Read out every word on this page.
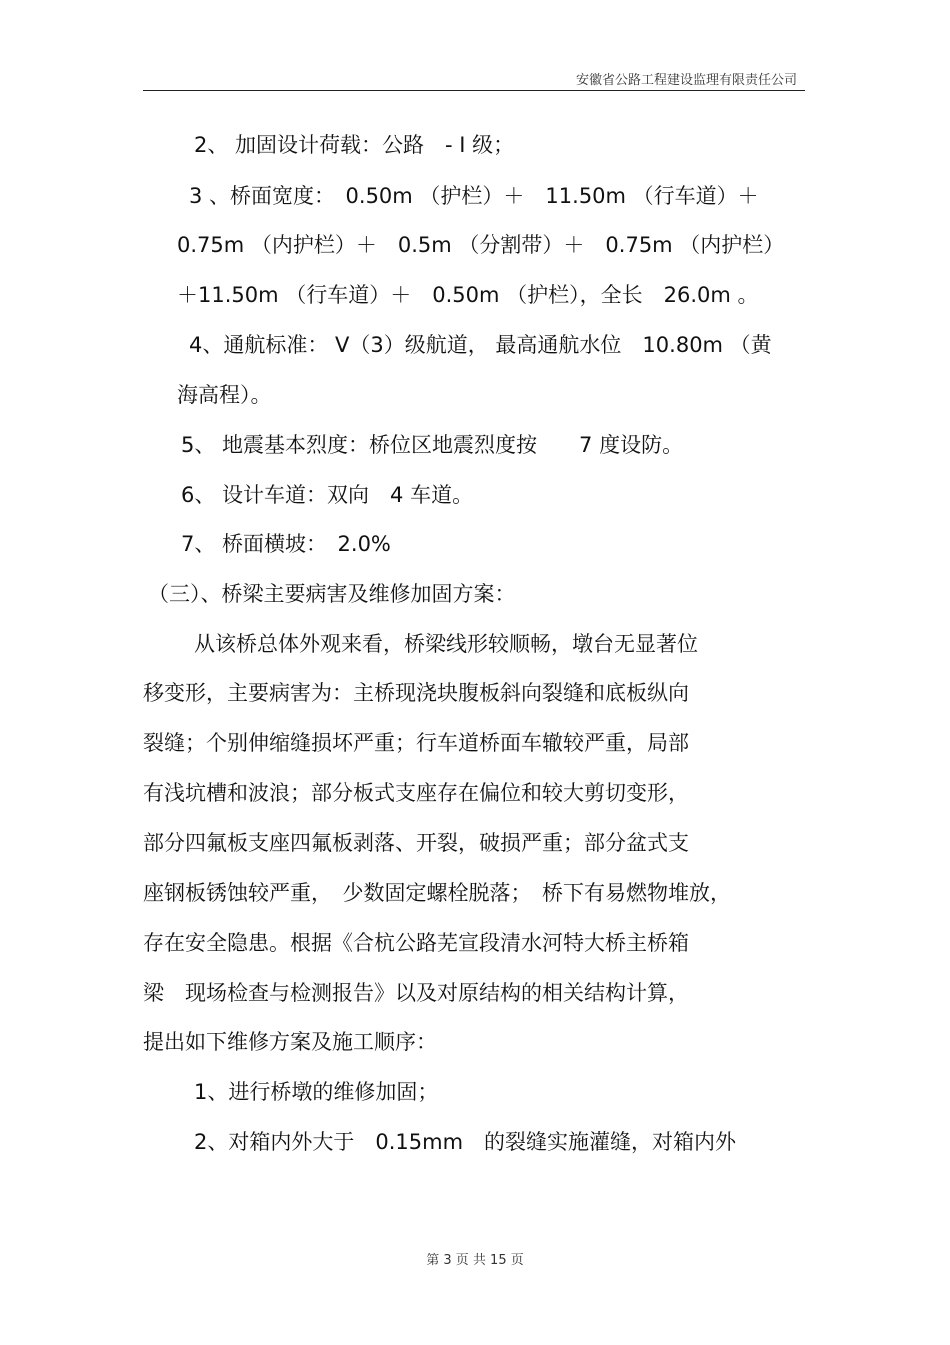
安徽省公路工程建设监理有限责任公司
2、 加固设计荷载：公路　- I 级；
3 、桥面宽度：　0.50m （护栏）＋　11.50m （行车道）＋
0.75m （内护栏）＋　0.5m （分割带）＋　0.75m （内护栏）
＋11.50m （行车道）＋　0.50m （护栏），全长　26.0m 。
4、通航标准： V（3）级航道， 最高通航水位　10.80m （黄
海高程）。
5、 地震基本烈度：桥位区地震烈度按　　7 度设防。
6、 设计车道：双向　4 车道。
7、 桥面横坡：　2.0%
（三）、桥梁主要病害及维修加固方案：
从该桥总体外观来看，桥梁线形较顺畅，墩台无显著位
移变形，主要病害为：主桥现浇块腹板斜向裂缝和底板纵向
裂缝；个别伸缩缝损坏严重；行车道桥面车辙较严重，局部
有浅坑槽和波浪；部分板式支座存在偏位和较大剪切变形，
部分四氟板支座四氟板剥落、开裂，破损严重；部分盆式支
座钢板锈蚀较严重，　少数固定螺栓脱落；　桥下有易燃物堆放，
存在安全隐患。根据《合杭公路芜宣段清水河特大桥主桥箱
梁　现场检查与检测报告》以及对原结构的相关结构计算，
提出如下维修方案及施工顺序：
1、进行桥墩的维修加固；
2、对箱内外大于　0.15mm　的裂缝实施灌缝，对箱内外
第 3 页 共 15 页
